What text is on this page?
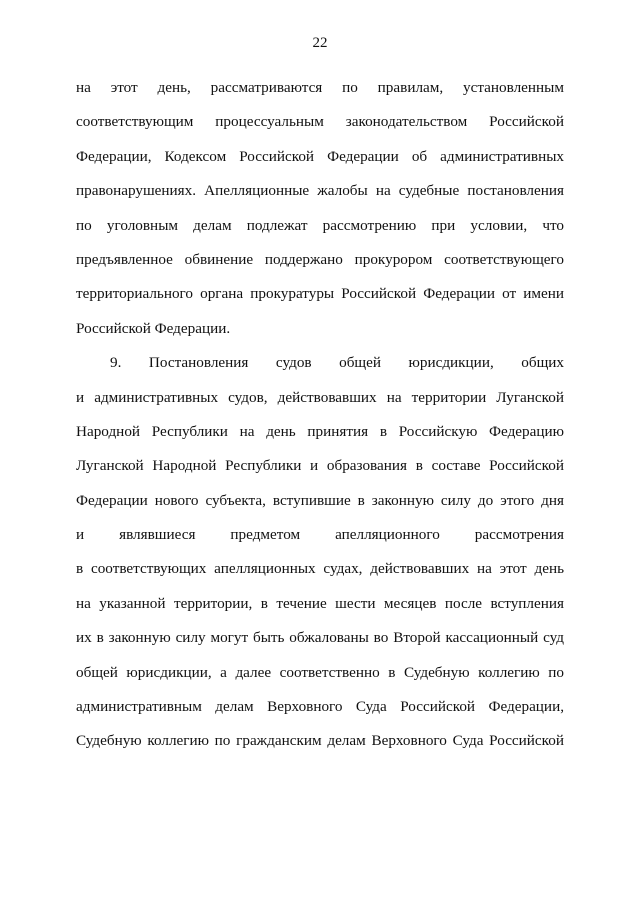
22
на этот день, рассматриваются по правилам, установленным
соответствующим процессуальным законодательством Российской
Федерации, Кодексом Российской Федерации об административных
правонарушениях. Апелляционные жалобы на судебные постановления
по уголовным делам подлежат рассмотрению при условии, что
предъявленное обвинение поддержано прокурором соответствующего
территориального органа прокуратуры Российской Федерации от имени
Российской Федерации.
9. Постановления судов общей юрисдикции, общих
и административных судов, действовавших на территории Луганской
Народной Республики на день принятия в Российскую Федерацию
Луганской Народной Республики и образования в составе Российской
Федерации нового субъекта, вступившие в законную силу до этого дня
и являвшиеся предметом апелляционного рассмотрения
в соответствующих апелляционных судах, действовавших на этот день
на указанной территории, в течение шести месяцев после вступления
их в законную силу могут быть обжалованы во Второй кассационный суд
общей юрисдикции, а далее соответственно в Судебную коллегию по
административным делам Верховного Суда Российской Федерации,
Судебную коллегию по гражданским делам Верховного Суда Российской
